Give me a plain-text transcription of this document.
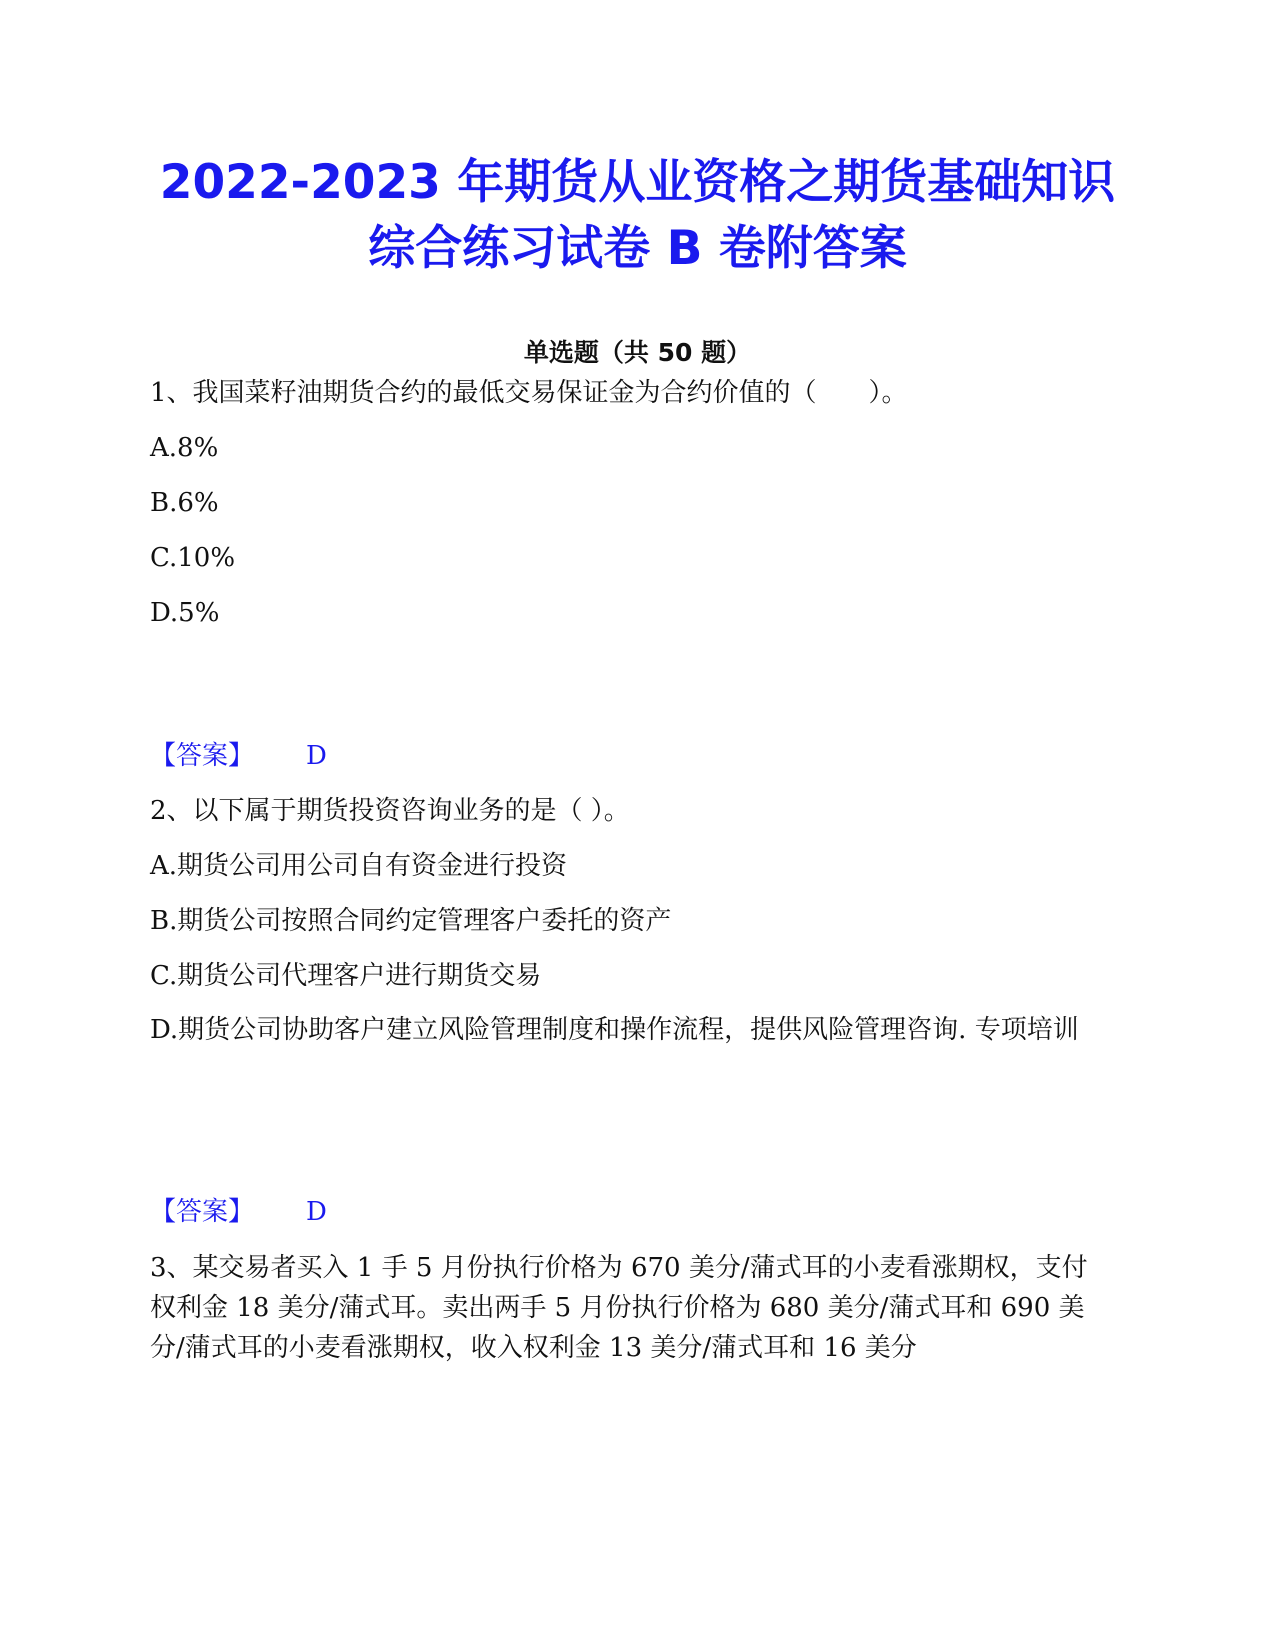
2022-2023 年期货从业资格之期货基础知识
综合练习试卷 B 卷附答案
单选题（共 50 题）
1、我国菜籽油期货合约的最低交易保证金为合约价值的（　　）。
A.8%
B.6%
C.10%
D.5%
【答案】 D
2、以下属于期货投资咨询业务的是（ ）。
A.期货公司用公司自有资金进行投资
B.期货公司按照合同约定管理客户委托的资产
C.期货公司代理客户进行期货交易
D.期货公司协助客户建立风险管理制度和操作流程，提供风险管理咨询. 专项培训
【答案】 D
3、某交易者买入 1 手 5 月份执行价格为 670 美分/蒲式耳的小麦看涨期权，支付权利金 18 美分/蒲式耳。卖出两手 5 月份执行价格为 680 美分/蒲式耳和 690 美分/蒲式耳的小麦看涨期权，收入权利金 13 美分/蒲式耳和 16 美分
